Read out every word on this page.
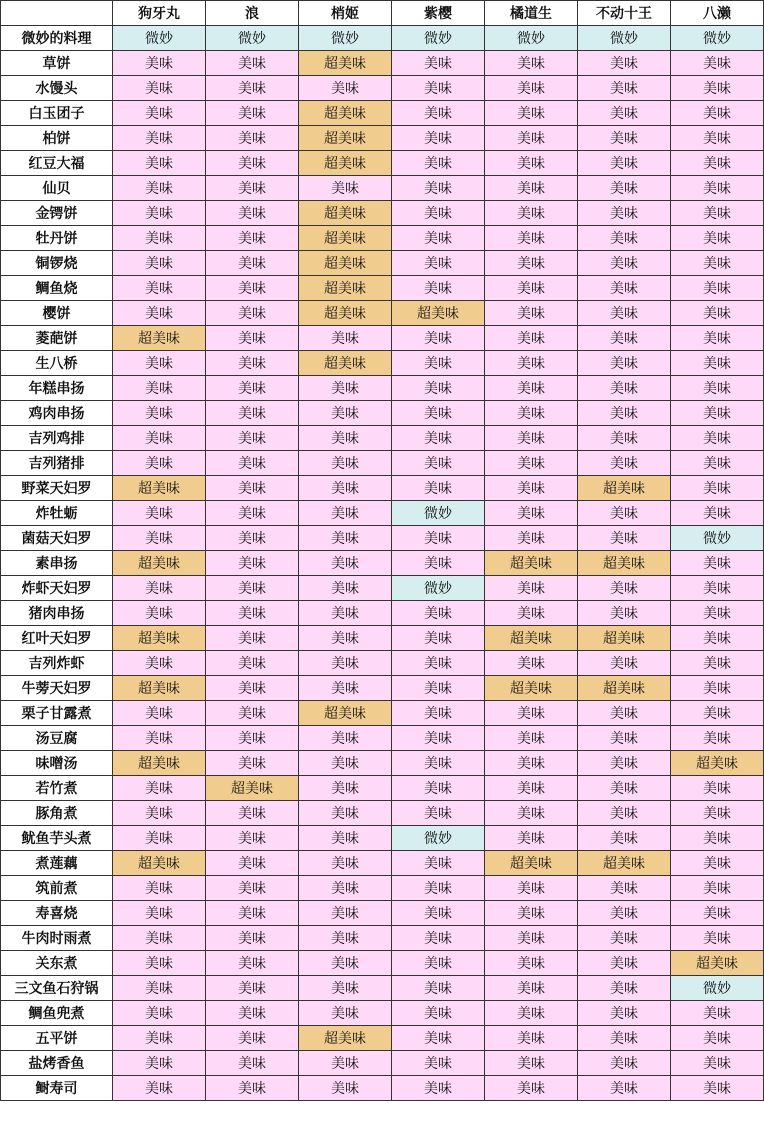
	狗牙丸	浪	梢姬	紫樱	橘道生	不动十王	八濑
微妙的料理	微妙	微妙	微妙	微妙	微妙	微妙	微妙
草饼	美味	美味	超美味	美味	美味	美味	美味
水馒头	美味	美味	美味	美味	美味	美味	美味
白玉团子	美味	美味	超美味	美味	美味	美味	美味
柏饼	美味	美味	超美味	美味	美味	美味	美味
红豆大福	美味	美味	超美味	美味	美味	美味	美味
仙贝	美味	美味	美味	美味	美味	美味	美味
金锷饼	美味	美味	超美味	美味	美味	美味	美味
牡丹饼	美味	美味	超美味	美味	美味	美味	美味
铜锣烧	美味	美味	超美味	美味	美味	美味	美味
鲷鱼烧	美味	美味	超美味	美味	美味	美味	美味
樱饼	美味	美味	超美味	超美味	美味	美味	美味
菱葩饼	超美味	美味	美味	美味	美味	美味	美味
生八桥	美味	美味	超美味	美味	美味	美味	美味
年糕串扬	美味	美味	美味	美味	美味	美味	美味
鸡肉串扬	美味	美味	美味	美味	美味	美味	美味
吉列鸡排	美味	美味	美味	美味	美味	美味	美味
吉列猪排	美味	美味	美味	美味	美味	美味	美味
野菜天妇罗	超美味	美味	美味	美味	美味	超美味	美味
炸牡蛎	美味	美味	美味	微妙	美味	美味	美味
菌菇天妇罗	美味	美味	美味	美味	美味	美味	微妙
素串扬	超美味	美味	美味	美味	超美味	超美味	美味
炸虾天妇罗	美味	美味	美味	微妙	美味	美味	美味
猪肉串扬	美味	美味	美味	美味	美味	美味	美味
红叶天妇罗	超美味	美味	美味	美味	超美味	超美味	美味
吉列炸虾	美味	美味	美味	美味	美味	美味	美味
牛蒡天妇罗	超美味	美味	美味	美味	超美味	超美味	美味
栗子甘露煮	美味	美味	超美味	美味	美味	美味	美味
汤豆腐	美味	美味	美味	美味	美味	美味	美味
味噌汤	超美味	美味	美味	美味	美味	美味	超美味
若竹煮	美味	超美味	美味	美味	美味	美味	美味
豚角煮	美味	美味	美味	美味	美味	美味	美味
鱿鱼芋头煮	美味	美味	美味	微妙	美味	美味	美味
煮莲藕	超美味	美味	美味	美味	超美味	超美味	美味
筑前煮	美味	美味	美味	美味	美味	美味	美味
寿喜烧	美味	美味	美味	美味	美味	美味	美味
牛肉时雨煮	美味	美味	美味	美味	美味	美味	美味
关东煮	美味	美味	美味	美味	美味	美味	超美味
三文鱼石狩锅	美味	美味	美味	美味	美味	美味	微妙
鲷鱼兜煮	美味	美味	美味	美味	美味	美味	美味
五平饼	美味	美味	超美味	美味	美味	美味	美味
盐烤香鱼	美味	美味	美味	美味	美味	美味	美味
鲥寿司	美味	美味	美味	美味	美味	美味	美味
